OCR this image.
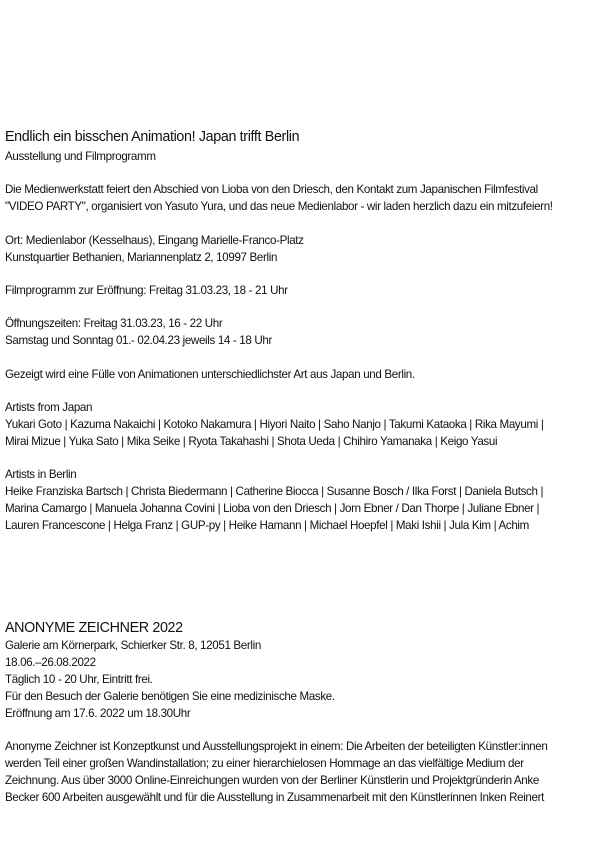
Endlich ein bisschen Animation! Japan trifft Berlin
Ausstellung und Filmprogramm
Die Medienwerkstatt feiert den Abschied von Lioba von den Driesch, den Kontakt zum Japanischen Filmfestival
"VIDEO PARTY", organisiert von Yasuto Yura, und das neue Medienlabor - wir laden herzlich dazu ein mitzufeiern!
Ort: Medienlabor (Kesselhaus), Eingang Marielle-Franco-Platz
Kunstquartier Bethanien, Mariannenplatz 2, 10997 Berlin
Filmprogramm zur Eröffnung: Freitag 31.03.23, 18 - 21 Uhr
Öffnungszeiten: Freitag 31.03.23, 16 - 22 Uhr
Samstag und Sonntag 01.- 02.04.23 jeweils 14 - 18 Uhr
Gezeigt wird eine Fülle von Animationen unterschiedlichster Art aus Japan und Berlin.
Artists from Japan
Yukari Goto | Kazuma Nakaichi | Kotoko Nakamura | Hiyori Naito | Saho Nanjo | Takumi Kataoka | Rika Mayumi |
Mirai Mizue | Yuka Sato | Mika Seike | Ryota Takahashi | Shota Ueda | Chihiro Yamanaka | Keigo Yasui
Artists in Berlin
Heike Franziska Bartsch | Christa Biedermann | Catherine Biocca | Susanne Bosch / Ilka Forst | Daniela Butsch |
Marina Camargo | Manuela Johanna Covini | Lioba von den Driesch | Jorn Ebner / Dan Thorpe | Juliane Ebner |
Lauren Francescone | Helga Franz | GUP-py | Heike Hamann | Michael Hoepfel | Maki Ishii | Jula Kim | Achim
ANONYME ZEICHNER 2022
Galerie am Körnerpark, Schierker Str. 8, 12051 Berlin
18.06.–26.08.2022
Täglich 10 - 20 Uhr, Eintritt frei.
Für den Besuch der Galerie benötigen Sie eine medizinische Maske.
Eröffnung am 17.6. 2022 um 18.30Uhr
Anonyme Zeichner ist Konzeptkunst und Ausstellungsprojekt in einem: Die Arbeiten der beteiligten Künstler:innen
werden Teil einer großen Wandinstallation; zu einer hierarchielosen Hommage an das vielfältige Medium der
Zeichnung. Aus über 3000 Online-Einreichungen wurden von der Berliner Künstlerin und Projektgründerin Anke
Becker 600 Arbeiten ausgewählt und für die Ausstellung in Zusammenarbeit mit den Künstlerinnen Inken Reinert
